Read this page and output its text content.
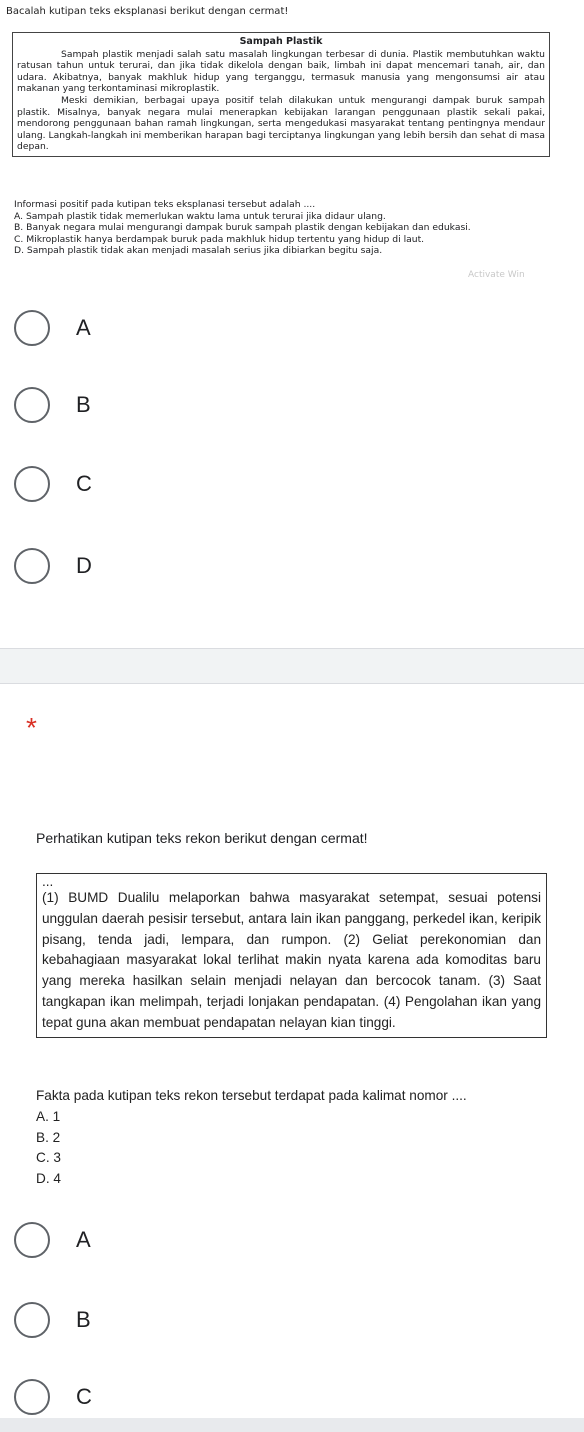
Bacalah kutipan teks eksplanasi berikut dengan cermat!

Sampah Plastik

Sampah plastik menjadi salah satu masalah lingkungan terbesar di dunia. Plastik membutuhkan waktu ratusan tahun untuk terurai, dan jika tidak dikelola dengan baik, limbah ini dapat mencemari tanah, air, dan udara. Akibatnya, banyak makhluk hidup yang terganggu, termasuk manusia yang mengonsumsi air atau makanan yang terkontaminasi mikroplastik.

Meski demikian, berbagai upaya positif telah dilakukan untuk mengurangi dampak buruk sampah plastik. Misalnya, banyak negara mulai menerapkan kebijakan larangan penggunaan plastik sekali pakai, mendorong penggunaan bahan ramah lingkungan, serta mengedukasi masyarakat tentang pentingnya mendaur ulang. Langkah-langkah ini memberikan harapan bagi terciptanya lingkungan yang lebih bersih dan sehat di masa depan.

Informasi positif pada kutipan teks eksplanasi tersebut adalah ....

A. Sampah plastik tidak memerlukan waktu lama untuk terurai jika didaur ulang.

B. Banyak negara mulai mengurangi dampak buruk sampah plastik dengan kebijakan dan edukasi.

C. Mikroplastik hanya berdampak buruk pada makhluk hidup tertentu yang hidup di laut.

D. Sampah plastik tidak akan menjadi masalah serius jika dibiarkan begitu saja.

Activate Win
A
B
C
D
*
Perhatikan kutipan teks rekon berikut dengan cermat!

...

(1) BUMD Dualilu melaporkan bahwa masyarakat setempat, sesuai potensi unggulan daerah pesisir tersebut, antara lain ikan panggang, perkedel ikan, keripik pisang, tenda jadi, lempara, dan rumpon. (2) Geliat perekonomian dan kebahagiaan masyarakat lokal terlihat makin nyata karena ada komoditas baru yang mereka hasilkan selain menjadi nelayan dan bercocok tanam. (3) Saat tangkapan ikan melimpah, terjadi lonjakan pendapatan. (4) Pengolahan ikan yang tepat guna akan membuat pendapatan nelayan kian tinggi.

Fakta pada kutipan teks rekon tersebut terdapat pada kalimat nomor ....

A. 1

B. 2

C. 3

D. 4

A
B
C
